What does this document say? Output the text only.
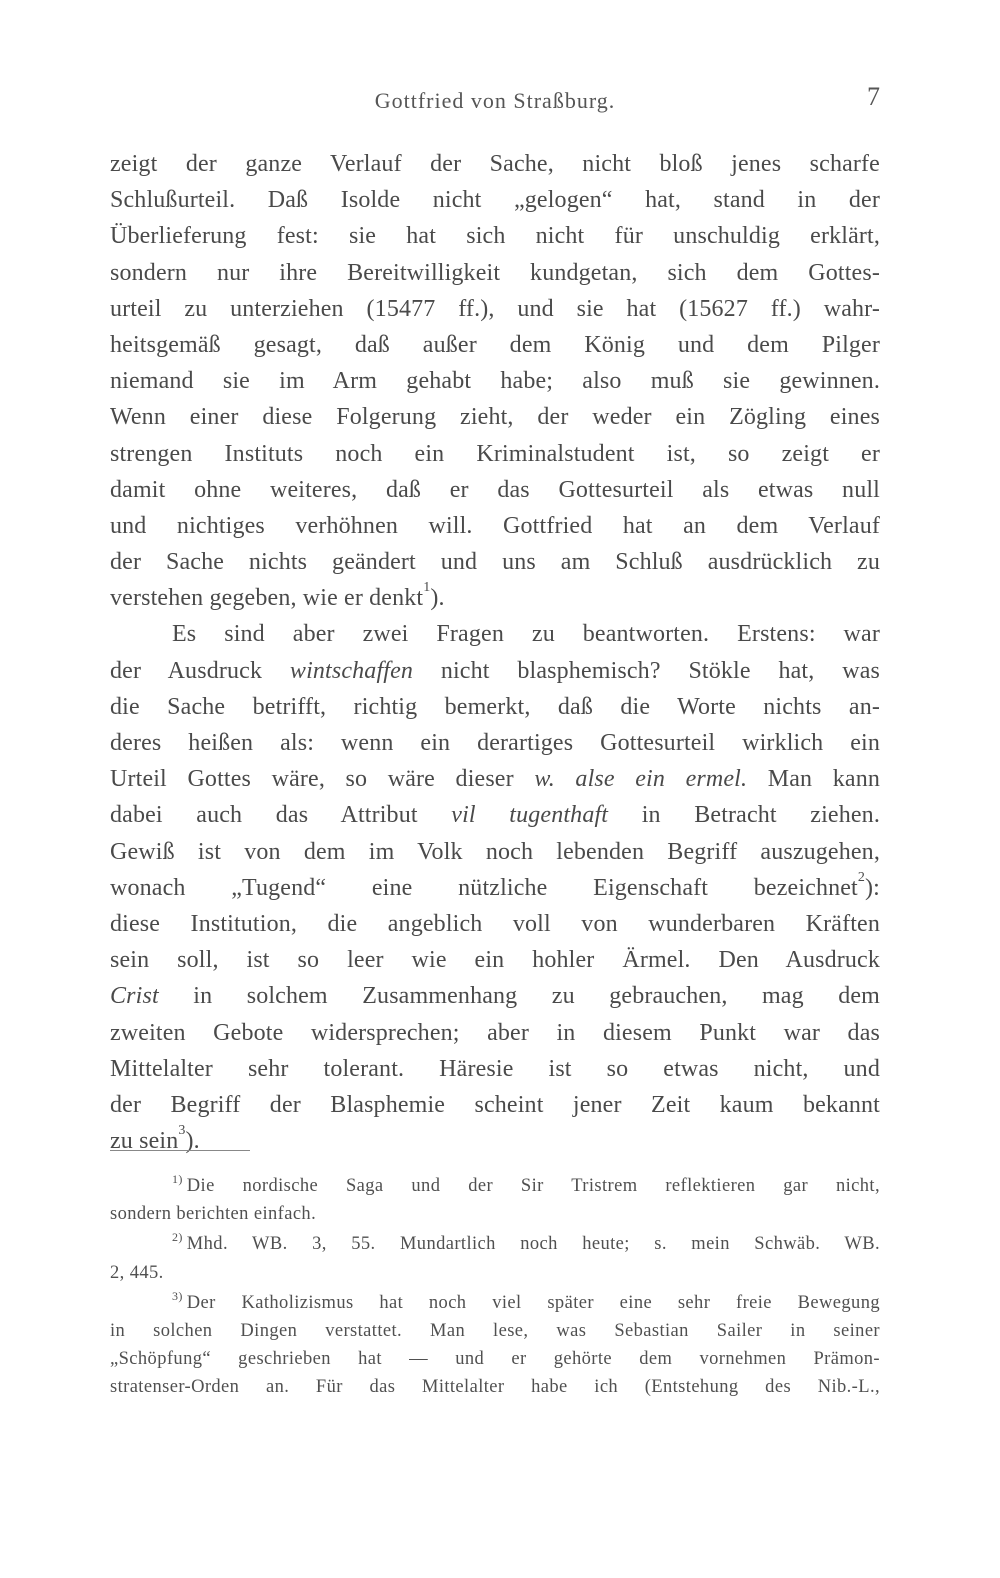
Gottfried von Straßburg.	7
zeigt der ganze Verlauf der Sache, nicht bloß jenes scharfe
Schlußurteil. Daß Isolde nicht „gelogen“ hat, stand in der
Überlieferung fest: sie hat sich nicht für unschuldig erklärt,
sondern nur ihre Bereitwilligkeit kundgetan, sich dem Gottes-
urteil zu unterziehen (15477 ff.), und sie hat (15627 ff.) wahr-
heitsgemäß gesagt, daß außer dem König und dem Pilger
niemand sie im Arm gehabt habe; also muß sie gewinnen.
Wenn einer diese Folgerung zieht, der weder ein Zögling eines
strengen Instituts noch ein Kriminalstudent ist, so zeigt er
damit ohne weiteres, daß er das Gottesurteil als etwas null
und nichtiges verhöhnen will. Gottfried hat an dem Verlauf
der Sache nichts geändert und uns am Schluß ausdrücklich zu
verstehen gegeben, wie er denkt$^1$).
Es sind aber zwei Fragen zu beantworten. Erstens: war
der Ausdruck wintschaffen nicht blasphemisch? Stökle hat, was
die Sache betrifft, richtig bemerkt, daß die Worte nichts an-
deres heißen als: wenn ein derartiges Gottesurteil wirklich ein
Urteil Gottes wäre, so wäre dieser w. alse ein ermel. Man kann
dabei auch das Attribut vil tugenthaft in Betracht ziehen.
Gewiß ist von dem im Volk noch lebenden Begriff auszugehen,
wonach „Tugend“ eine nützliche Eigenschaft bezeichnet$^2$):
diese Institution, die angeblich voll von wunderbaren Kräften
sein soll, ist so leer wie ein hohler Ärmel. Den Ausdruck
Crist in solchem Zusammenhang zu gebrauchen, mag dem
zweiten Gebote widersprechen; aber in diesem Punkt war das
Mittelalter sehr tolerant. Häresie ist so etwas nicht, und
der Begriff der Blasphemie scheint jener Zeit kaum bekannt
zu sein$^3$).
$^{1)}$ Die nordische Saga und der Sir Tristrem reflektieren gar nicht,
sondern berichten einfach.
$^{2)}$ Mhd. WB. 3, 55. Mundartlich noch heute; s. mein Schwäb. WB.
2, 445.
$^{3)}$ Der Katholizismus hat noch viel später eine sehr freie Bewegung
in solchen Dingen verstattet. Man lese, was Sebastian Sailer in seiner
„Schöpfung“ geschrieben hat — und er gehörte dem vornehmen Prämon-
stratenser-Orden an. Für das Mittelalter habe ich (Entstehung des Nib.-L.,
